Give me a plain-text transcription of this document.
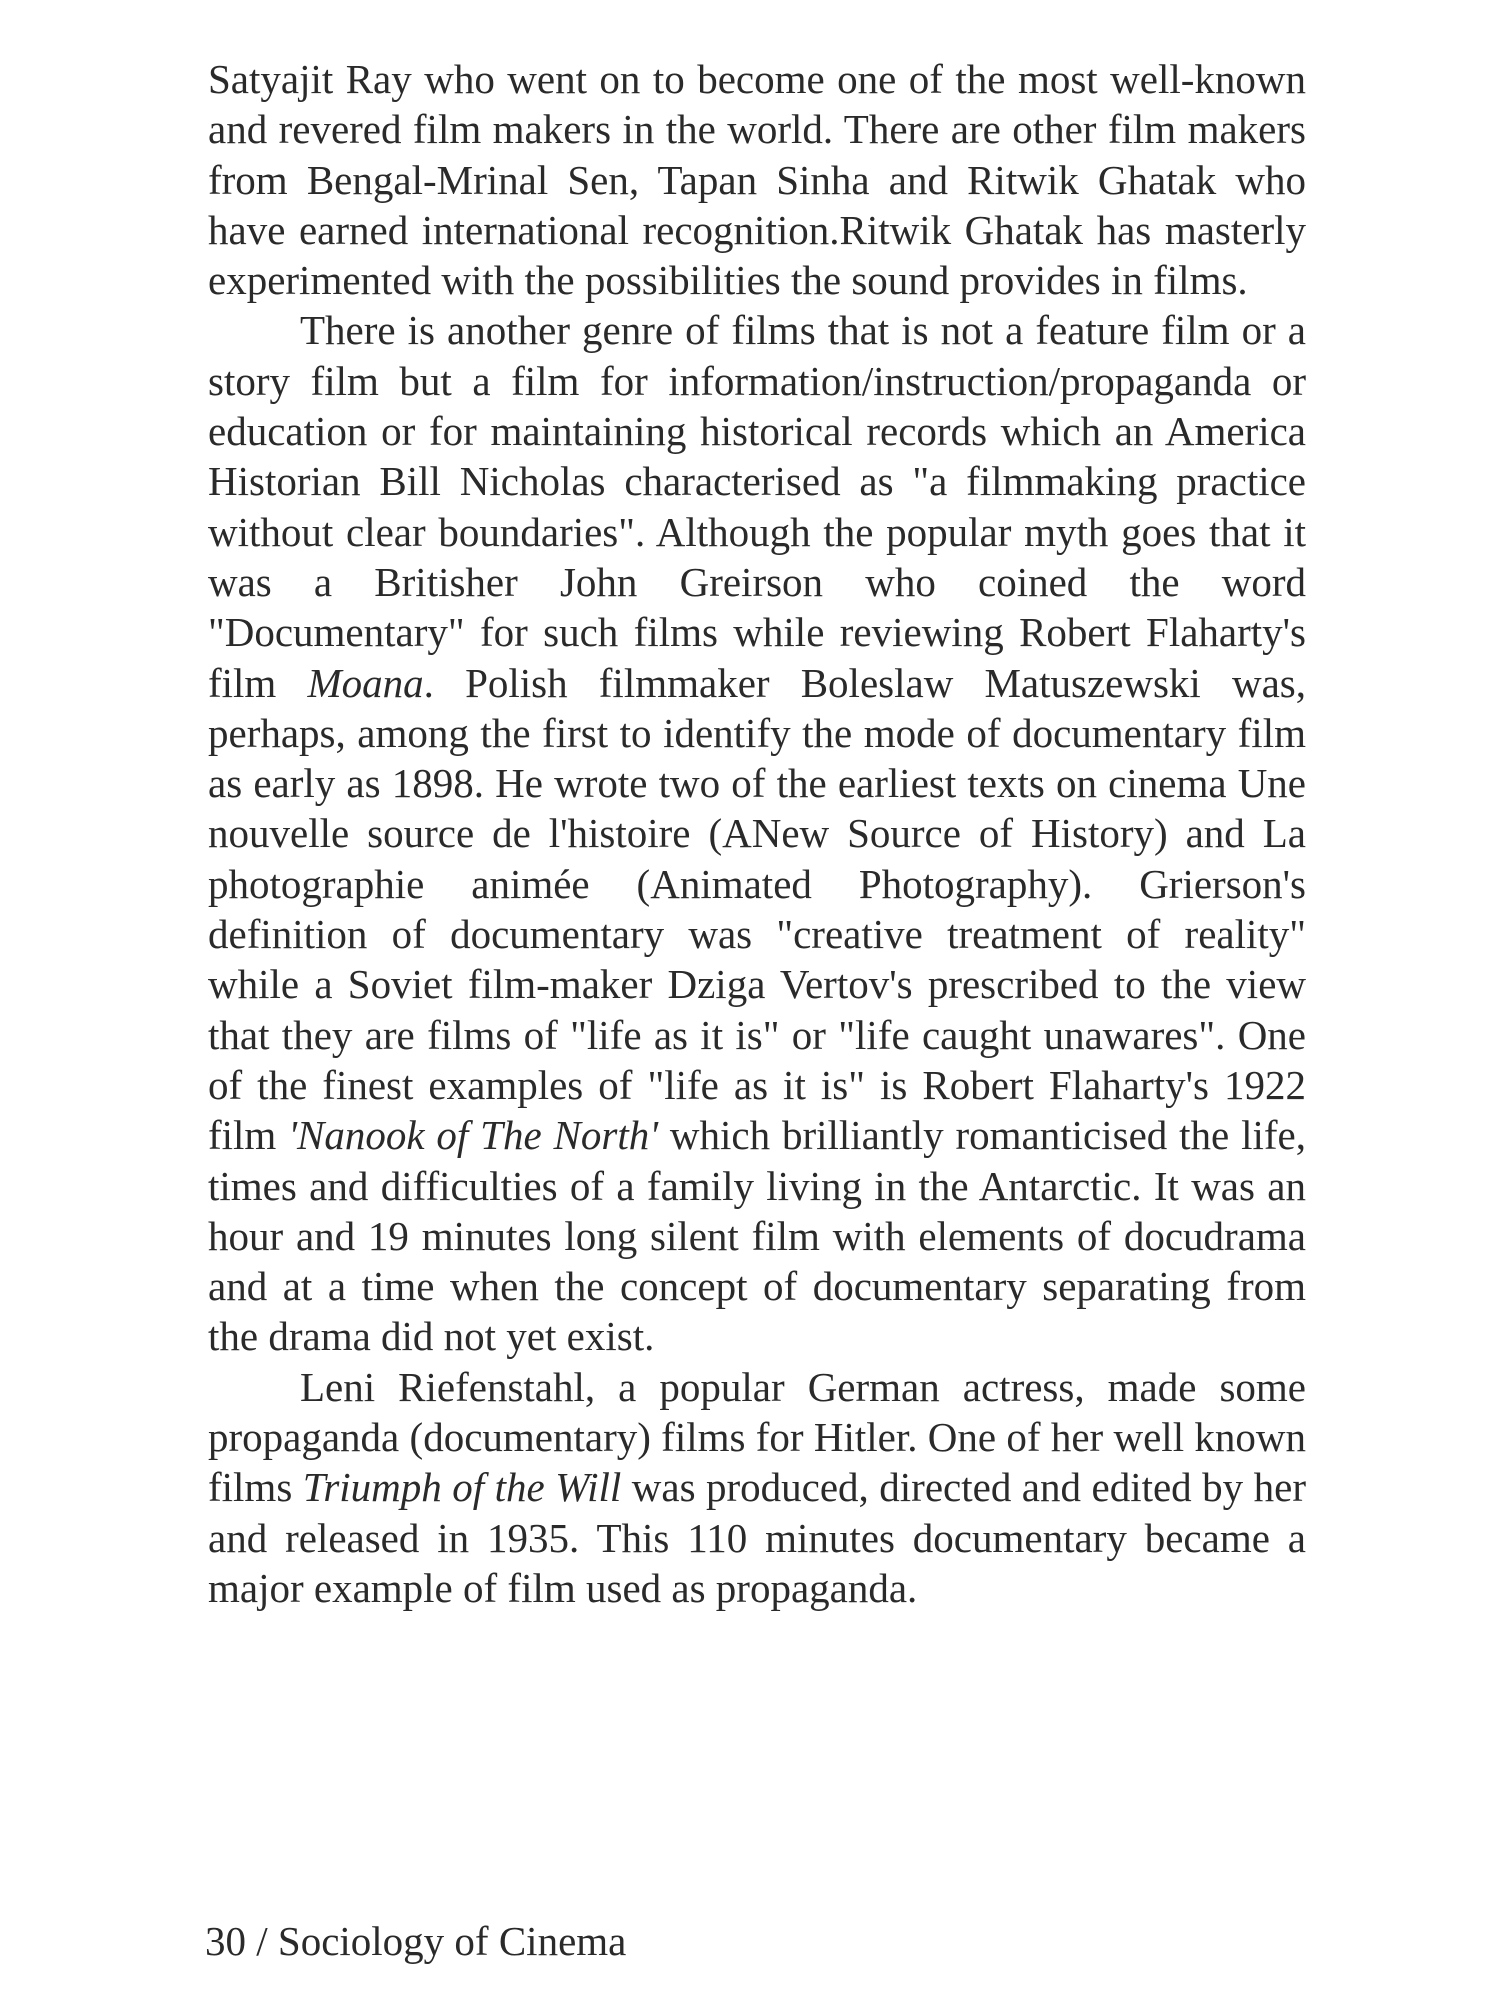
Satyajit Ray who went on to become one of the most well-known and revered film makers in the world. There are other film makers from Bengal-Mrinal Sen, Tapan Sinha and Ritwik Ghatak who have earned international recognition.Ritwik Ghatak has masterly experimented with the possibilities the sound provides in films.

There is another genre of films that is not a feature film or a story film but a film for information/instruction/propaganda or education or for maintaining historical records which an America Historian Bill Nicholas characterised as "a filmmaking practice without clear boundaries". Although the popular myth goes that it was a Britisher John Greirson who coined the word "Documentary" for such films while reviewing Robert Flaharty's film Moana. Polish filmmaker Boleslaw Matuszewski was, perhaps, among the first to identify the mode of documentary film as early as 1898. He wrote two of the earliest texts on cinema Une nouvelle source de l'histoire (ANew Source of History) and La photographie animée (Animated Photography). Grierson's definition of documentary was "creative treatment of reality" while a Soviet film-maker Dziga Vertov's prescribed to the view that they are films of "life as it is" or "life caught unawares". One of the finest examples of "life as it is" is Robert Flaharty's 1922 film 'Nanook of The North' which brilliantly romanticised the life, times and difficulties of a family living in the Antarctic. It was an hour and 19 minutes long silent film with elements of docudrama and at a time when the concept of documentary separating from the drama did not yet exist.

Leni Riefenstahl, a popular German actress, made some propaganda (documentary) films for Hitler. One of her well known films Triumph of the Will was produced, directed and edited by her and released in 1935. This 110 minutes documentary became a major example of film used as propaganda.

30 / Sociology of Cinema
